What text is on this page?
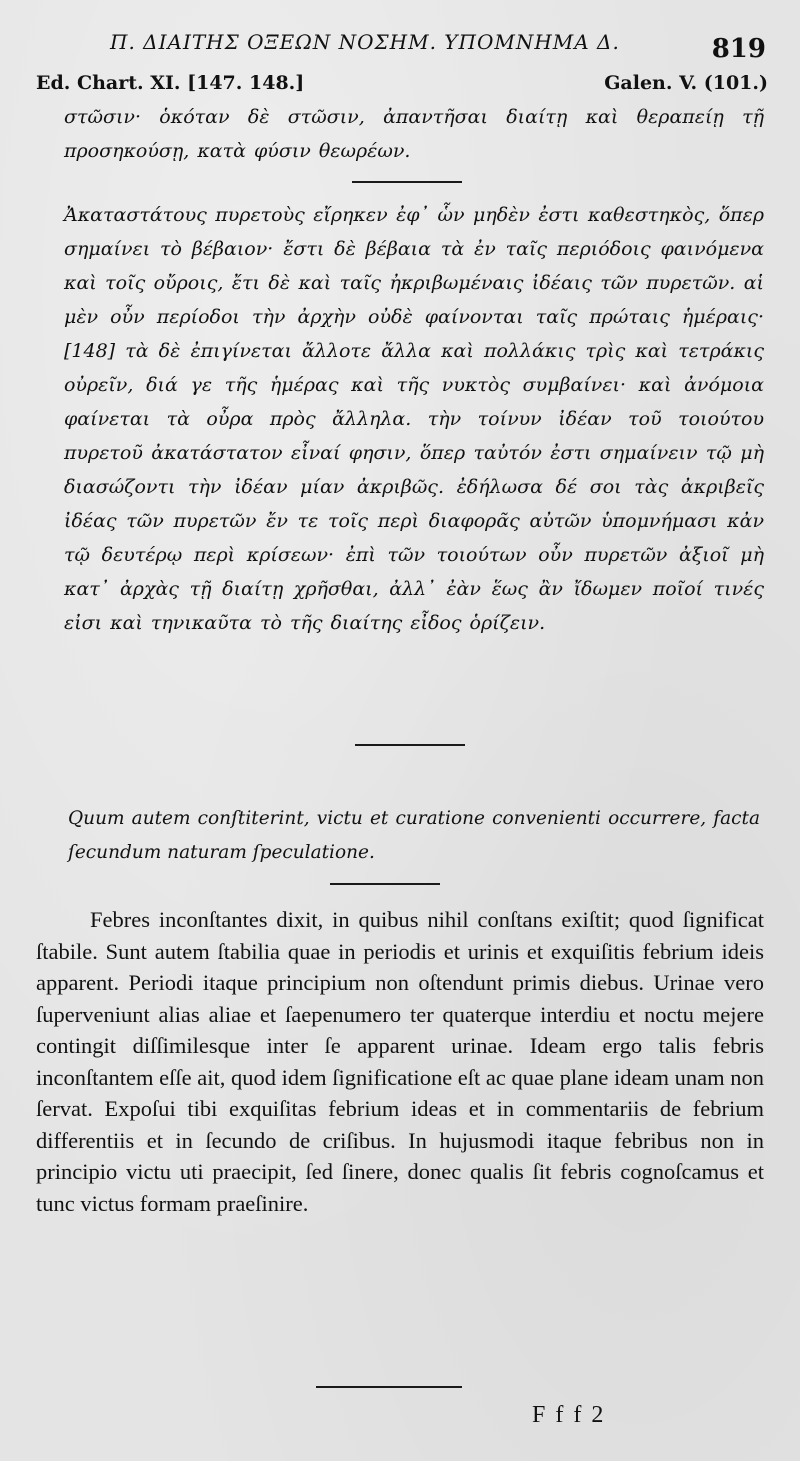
Π. ΔΙΑΙΤΗΣ ΟΞΕΩΝ ΝΟΣΗΜ. ΥΠΟΜΝΗΜΑ Δ.	819
Ed. Chart. XI. [147. 148.]	Galen. V. (101.)

στῶσιν· ὁκόταν δὲ στῶσιν, ἀπαντῆσαι διαίτῃ καὶ θεραπείῃ τῇ προσηκούσῃ, κατὰ φύσιν θεωρέων.

Ἀκαταστάτους πυρετοὺς εἴρηκεν ἐφ᾽ ὧν μηδὲν ἐστι καθεστηκὸς, ὅπερ σημαίνει τὸ βέβαιον· ἔστι δὲ βέβαια τὰ ἐν ταῖς περιόδοις φαινόμενα καὶ τοῖς οὔροις, ἔτι δὲ καὶ ταῖς ἠκριβωμέναις ἰδέαις τῶν πυρετῶν. αἱ μὲν οὖν περίοδοι τὴν ἀρχὴν οὐδὲ φαίνονται ταῖς πρώταις ἡμέραις· [148] τὰ δὲ ἐπιγίνεται ἄλλοτε ἄλλα καὶ πολλάκις τρὶς καὶ τετράκις οὐρεῖν, διά γε τῆς ἡμέρας καὶ τῆς νυκτὸς συμβαίνει· καὶ ἀνόμοια φαίνεται τὰ οὖρα πρὸς ἄλληλα. τὴν τοίνυν ἰδέαν τοῦ τοιούτου πυρετοῦ ἀκατάστατον εἶναί φησιν, ὅπερ ταὐτόν ἐστι σημαίνειν τῷ μὴ διασώζοντι τὴν ἰδέαν μίαν ἀκριβῶς. ἐδήλωσα δέ σοι τὰς ἀκριβεῖς ἰδέας τῶν πυρετῶν ἔν τε τοῖς περὶ διαφορᾶς αὐτῶν ὑπομνήμασι κἀν τῷ δευτέρῳ περὶ κρίσεων· ἐπὶ τῶν τοιούτων οὖν πυρετῶν ἀξιοῖ μὴ κατ᾽ ἀρχὰς τῇ διαίτῃ χρῆσθαι, ἀλλ᾽ ἐὰν ἕως ἂν ἴδωμεν ποῖοί τινές εἰσι καὶ τηνικαῦτα τὸ τῆς διαίτης εἶδος ὁρίζειν.

Quum autem conſtiterint, victu et curatione convenienti occurrere, facta ſecundum naturam ſpeculatione.

Febres inconſtantes dixit, in quibus nihil conſtans exiſtit; quod ſignificat ſtabile. Sunt autem ſtabilia quae in periodis et urinis et exquiſitis febrium ideis apparent. Periodi itaque principium non oſtendunt primis diebus. Urinae vero ſuperveniunt alias aliae et ſaepenumero ter quaterque interdiu et noctu mejere contingit diſſimilesque inter ſe apparent urinae. Ideam ergo talis febris inconſtantem eſſe ait, quod idem ſignificatione eſt ac quae plane ideam unam non ſervat. Expoſui tibi exquiſitas febrium ideas et in commentariis de febrium differentiis et in ſecundo de criſibus. In hujusmodi itaque febribus non in principio victu uti praecipit, ſed ſinere, donec qualis ſit febris cognoſcamus et tunc victus formam praeſinire.

F f f 2
